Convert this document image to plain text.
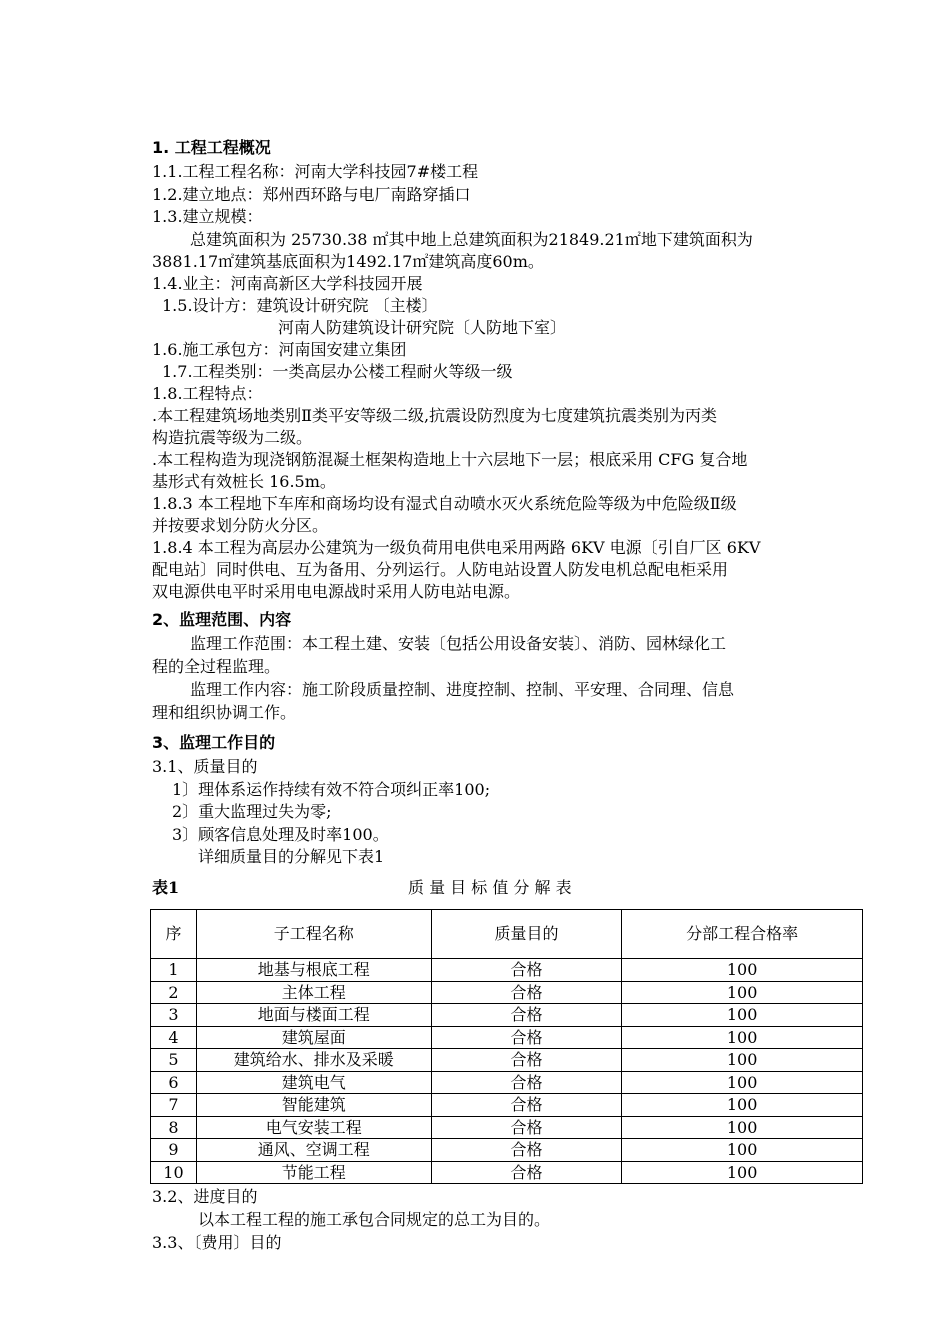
1. 工程工程概况
1.1.工程工程名称：河南大学科技园7#楼工程
1.2.建立地点：郑州西环路与电厂南路穿插口
1.3.建立规模：
总建筑面积为 25730.38 ㎡其中地上总建筑面积为21849.21㎡地下建筑面积为
3881.17㎡建筑基底面积为1492.17㎡建筑高度60m。
1.4.业主：河南高新区大学科技园开展
1.5.设计方：建筑设计研究院 〔主楼〕
河南人防建筑设计研究院〔人防地下室〕
1.6.施工承包方：河南国安建立集团
1.7.工程类别：一类高层办公楼工程耐火等级一级
1.8.工程特点：
.本工程建筑场地类别Ⅱ类平安等级二级,抗震设防烈度为七度建筑抗震类别为丙类
构造抗震等级为二级。
.本工程构造为现浇钢筋混凝土框架构造地上十六层地下一层；根底采用 CFG 复合地
基形式有效桩长 16.5m。
1.8.3 本工程地下车库和商场均设有湿式自动喷水灭火系统危险等级为中危险级Ⅱ级
并按要求划分防火分区。
1.8.4 本工程为高层办公建筑为一级负荷用电供电采用两路 6KV 电源〔引自厂区 6KV
配电站〕同时供电、互为备用、分列运行。人防电站设置人防发电机总配电柜采用
双电源供电平时采用电电源战时采用人防电站电源。
2、监理范围、内容
监理工作范围：本工程土建、安装〔包括公用设备安装〕、消防、园林绿化工
程的全过程监理。
监理工作内容：施工阶段质量控制、进度控制、控制、平安理、合同理、信息
理和组织协调工作。
3、监理工作目的
3.1、质量目的
1〕理体系运作持续有效不符合项纠正率100;
2〕重大监理过失为零;
3〕顾客信息处理及时率100。
详细质量目的分解见下表1
表1	质 量 目 标 值 分 解 表
序	子工程名称	质量目的	分部工程合格率
1	地基与根底工程	合格	100
2	主体工程	合格	100
3	地面与楼面工程	合格	100
4	建筑屋面	合格	100
5	建筑给水、排水及采暖	合格	100
6	建筑电气	合格	100
7	智能建筑	合格	100
8	电气安装工程	合格	100
9	通风、空调工程	合格	100
10	节能工程	合格	100
3.2、进度目的
以本工程工程的施工承包合同规定的总工为目的。
3.3、〔费用〕目的
